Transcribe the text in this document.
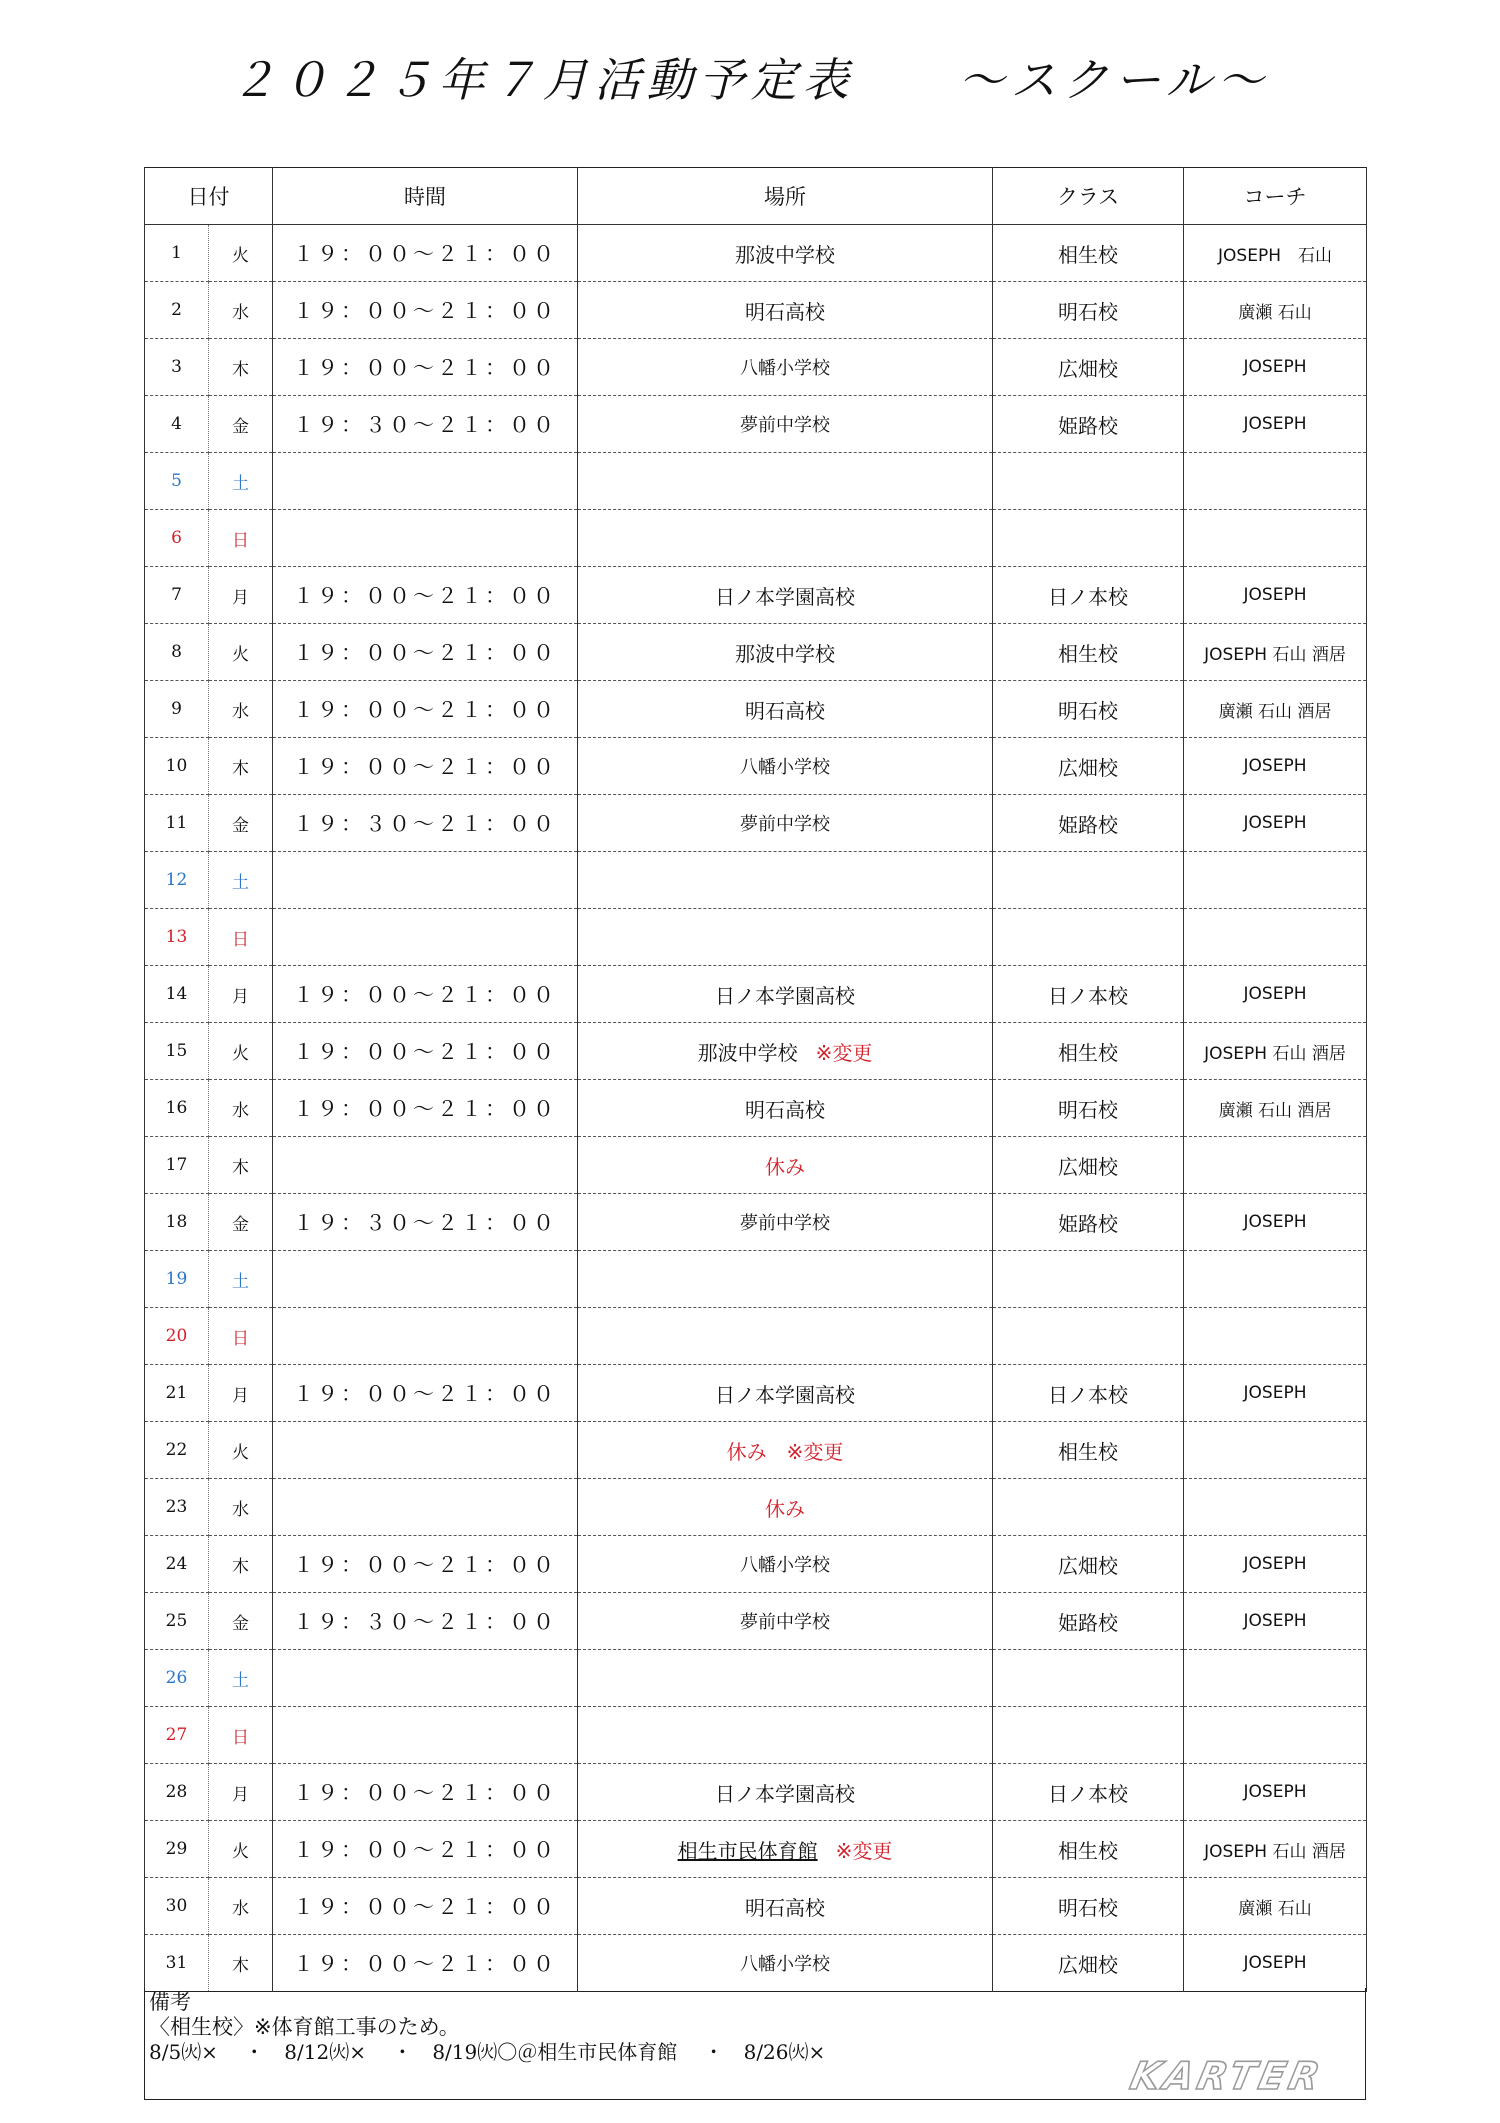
２０２５年７月活動予定表　　～スクール～
日付		時間	場所	クラス	コーチ
1	火	１９：００～２１：００	那波中学校	相生校	JOSEPH　石山
2	水	１９：００～２１：００	明石高校	明石校	廣瀬 石山
3	木	１９：００～２１：００	八幡小学校	広畑校	JOSEPH
4	金	１９：３０～２１：００	夢前中学校	姫路校	JOSEPH
5	土				
6	日				
7	月	１９：００～２１：００	日ノ本学園高校	日ノ本校	JOSEPH
8	火	１９：００～２１：００	那波中学校	相生校	JOSEPH 石山 酒居
9	水	１９：００～２１：００	明石高校	明石校	廣瀬 石山 酒居
10	木	１９：００～２１：００	八幡小学校	広畑校	JOSEPH
11	金	１９：３０～２１：００	夢前中学校	姫路校	JOSEPH
12	土				
13	日				
14	月	１９：００～２１：００	日ノ本学園高校	日ノ本校	JOSEPH
15	火	１９：００～２１：００	那波中学校 ※変更	相生校	JOSEPH 石山 酒居
16	水	１９：００～２１：００	明石高校	明石校	廣瀬 石山 酒居
17	木		休み	広畑校	
18	金	１９：３０～２１：００	夢前中学校	姫路校	JOSEPH
19	土				
20	日				
21	月	１９：００～２１：００	日ノ本学園高校	日ノ本校	JOSEPH
22	火		休み　※変更	相生校	
23	水		休み		
24	木	１９：００～２１：００	八幡小学校	広畑校	JOSEPH
25	金	１９：３０～２１：００	夢前中学校	姫路校	JOSEPH
26	土				
27	日				
28	月	１９：００～２１：００	日ノ本学園高校	日ノ本校	JOSEPH
29	火	１９：００～２１：００	相生市民体育館 ※変更	相生校	JOSEPH 石山 酒居
30	水	１９：００～２１：００	明石高校	明石校	廣瀬 石山
31	木	１９：００～２１：００	八幡小学校	広畑校	JOSEPH
備考
〈相生校〉※体育館工事のため。
8/5㈫×　 ・　8/12㈫×　 ・　8/19㈫〇＠相生市民体育館　 ・　8/26㈫×
KARTER
